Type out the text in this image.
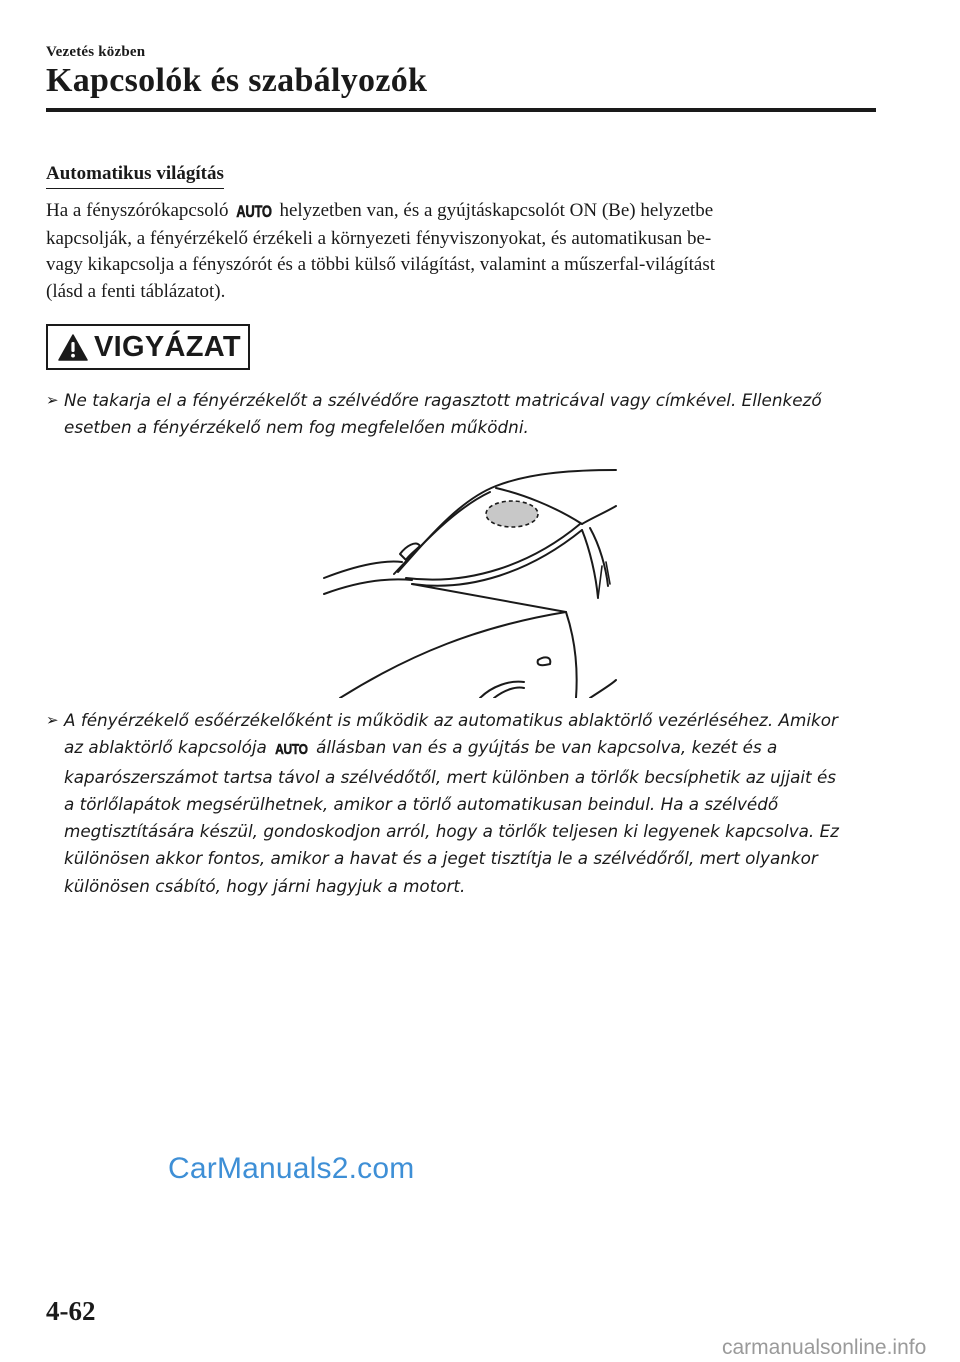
Vezetés közben
Kapcsolók és szabályozók
Automatikus világítás
Ha a fényszórókapcsoló AUTO helyzetben van, és a gyújtáskapcsolót ON (Be) helyzetbe
kapcsolják, a fényérzékelő érzékeli a környezeti fényviszonyokat, és automatikusan be-
vagy kikapcsolja a fényszórót és a többi külső világítást, valamint a műszerfal-világítást
(lásd a fenti táblázatot).
VIGYÁZAT
➢ Ne takarja el a fényérzékelőt a szélvédőre ragasztott matricával vagy címkével. Ellenkező
esetben a fényérzékelő nem fog megfelelően működni.
➢ A fényérzékelő esőérzékelőként is működik az automatikus ablaktörlő vezérléséhez. Amikor
az ablaktörlő kapcsolója AUTO állásban van és a gyújtás be van kapcsolva, kezét és a
kaparószerszámot tartsa távol a szélvédőtől, mert különben a törlők becsíphetik az ujjait és
a törlőlapátok megsérülhetnek, amikor a törlő automatikusan beindul. Ha a szélvédő
megtisztítására készül, gondoskodjon arról, hogy a törlők teljesen ki legyenek kapcsolva. Ez
különösen akkor fontos, amikor a havat és a jeget tisztítja le a szélvédőről, mert olyankor
különösen csábító, hogy járni hagyjuk a motort.
CarManuals2.com
4-62
carmanualsonline.info
